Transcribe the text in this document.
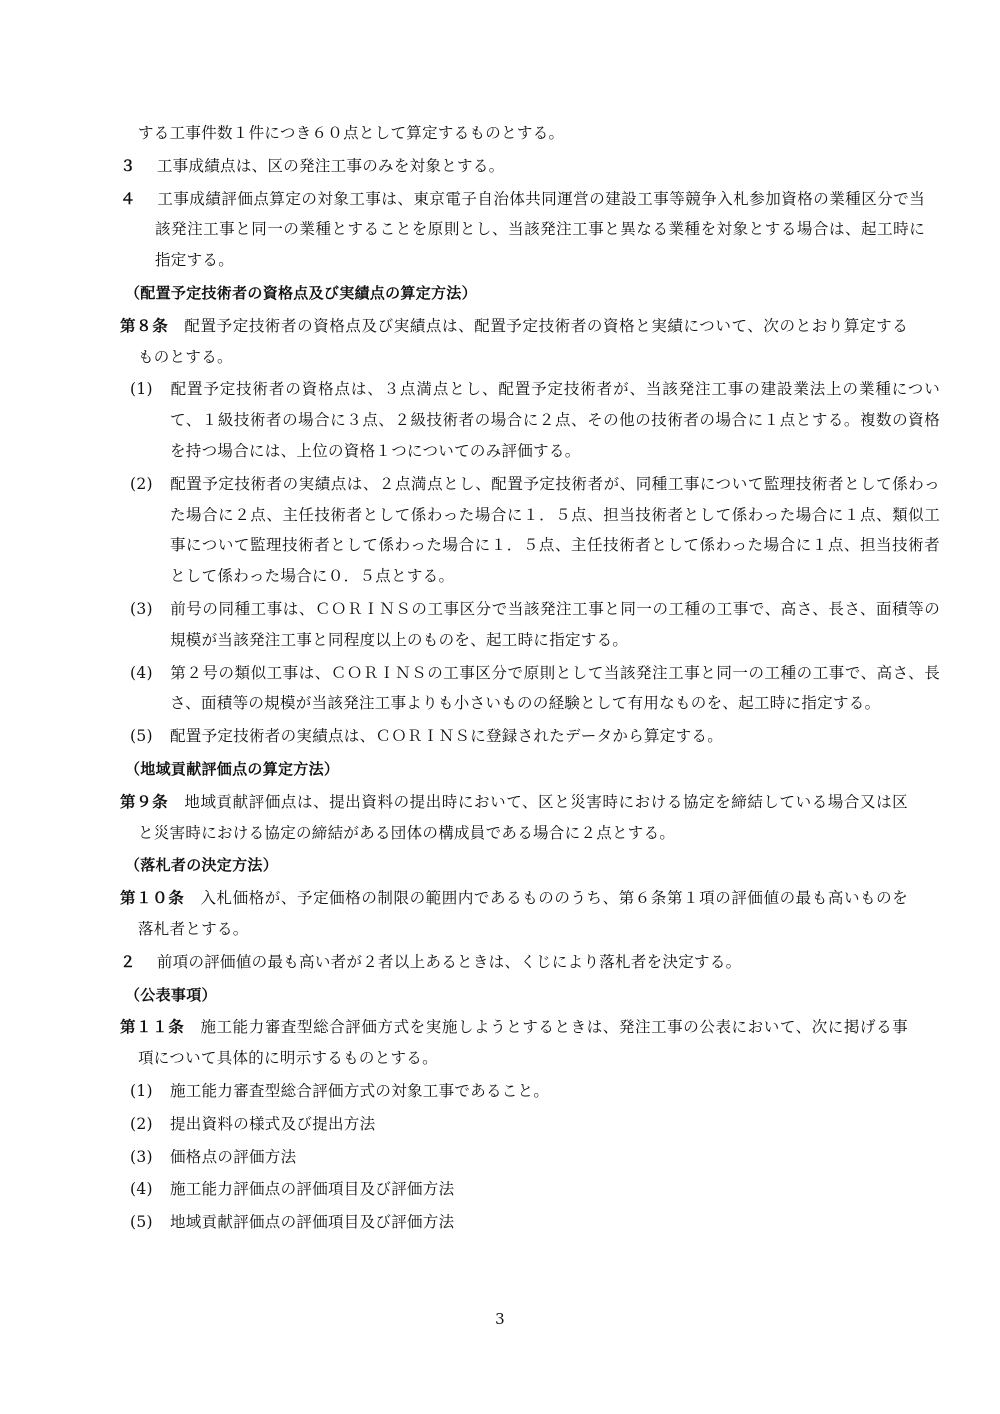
する工事件数１件につき６０点として算定するものとする。

３　 工事成績点は、区の発注工事のみを対象とする。

４　 工事成績評価点算定の対象工事は、東京電子自治体共同運営の建設工事等競争入札参加資格の業種区分で当該発注工事と同一の業種とすることを原則とし、当該発注工事と異なる業種を対象とする場合は、起工時に指定する。

（配置予定技術者の資格点及び実績点の算定方法）

第８条　 配置予定技術者の資格点及び実績点は、配置予定技術者の資格と実績について、次のとおり算定するものとする。

(1) 配置予定技術者の資格点は、３点満点とし、配置予定技術者が、当該発注工事の建設業法上の業種について、１級技術者の場合に３点、２級技術者の場合に２点、その他の技術者の場合に１点とする。複数の資格を持つ場合には、上位の資格１つについてのみ評価する。

(2) 配置予定技術者の実績点は、２点満点とし、配置予定技術者が、同種工事について監理技術者として係わった場合に２点、主任技術者として係わった場合に１．５点、担当技術者として係わった場合に１点、類似工事について監理技術者として係わった場合に１．５点、主任技術者として係わった場合に１点、担当技術者として係わった場合に０．５点とする。

(3) 前号の同種工事は、ＣＯＲＩＮＳの工事区分で当該発注工事と同一の工種の工事で、高さ、長さ、面積等の規模が当該発注工事と同程度以上のものを、起工時に指定する。

(4) 第２号の類似工事は、ＣＯＲＩＮＳの工事区分で原則として当該発注工事と同一の工種の工事で、高さ、長さ、面積等の規模が当該発注工事よりも小さいものの経験として有用なものを、起工時に指定する。

(5) 配置予定技術者の実績点は、ＣＯＲＩＮＳに登録されたデータから算定する。

（地域貢献評価点の算定方法）

第９条　 地域貢献評価点は、提出資料の提出時において、区と災害時における協定を締結している場合又は区と災害時における協定の締結がある団体の構成員である場合に２点とする。

（落札者の決定方法）

第１０条　 入札価格が、予定価格の制限の範囲内であるもののうち、第６条第１項の評価値の最も高いものを落札者とする。

２　 前項の評価値の最も高い者が２者以上あるときは、くじにより落札者を決定する。

（公表事項）

第１１条　 施工能力審査型総合評価方式を実施しようとするときは、発注工事の公表において、次に掲げる事項について具体的に明示するものとする。

(1) 施工能力審査型総合評価方式の対象工事であること。

(2) 提出資料の様式及び提出方法

(3) 価格点の評価方法

(4) 施工能力評価点の評価項目及び評価方法

(5) 地域貢献評価点の評価項目及び評価方法

3
